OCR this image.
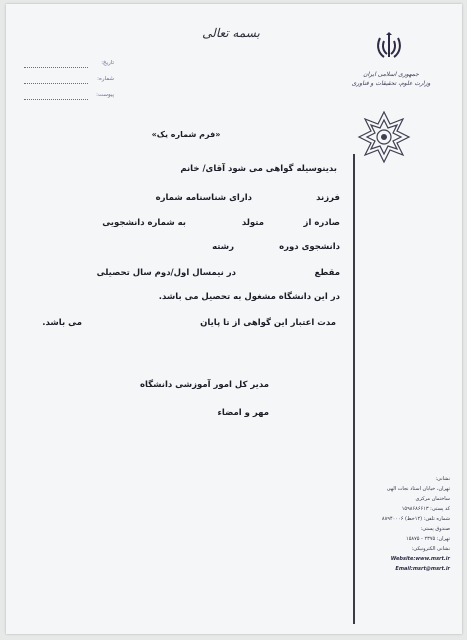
بسمه تعالی
جمهوری اسلامی ایران
وزارت علوم، تحقیقات و فناوری
تاریخ:
شماره:
پیوست:
«فرم شماره یک»
بدینوسیله گواهی می شود آقای/ خانم
فرزند
دارای شناسنامه شماره
صادره از
متولد
به شماره دانشجویی
دانشجوی دوره
رشته
مقطع
در نیمسال اول/دوم سال تحصیلی
در این دانشگاه مشغول به تحصیل می باشد.
مدت اعتبار این گواهی از تا پایان
می باشد.
مدیر کل امور آموزشی دانشگاه
مهر و امضاء
نشانی:
تهران، خیابان استاد نجات الهی
ساختمان مرکزی
کد پستی: ۱۵۹۸۶۸۶۶۱۳
شماره تلفن: (۱۲خط) ۸۸۹۴۰۰۰۶
صندوق پستی:
تهران: ۲۳۷۵ - ۱۵۸۷۵
نشانی الکترونیکی:
Website:www.msrt.ir
Email:msrt@msrt.ir
